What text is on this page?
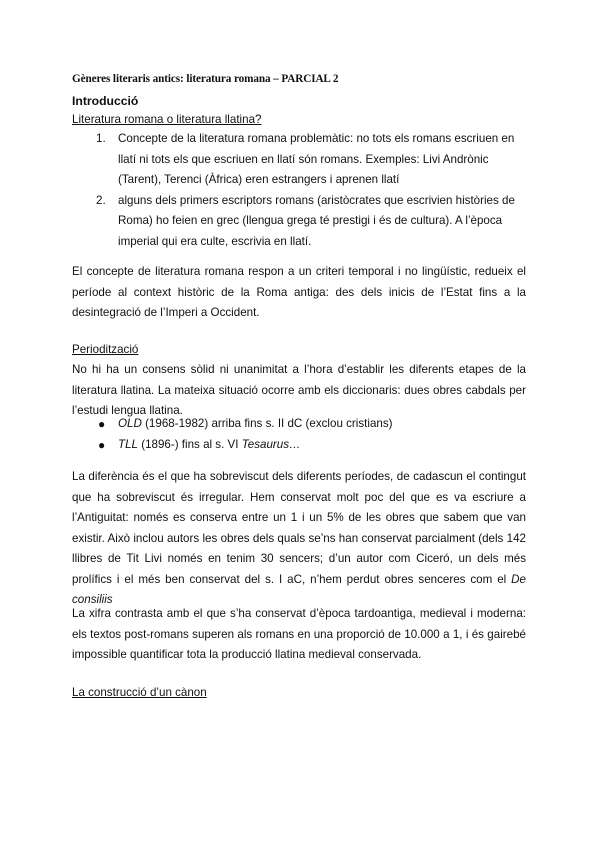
Gèneres literaris antics: literatura romana – PARCIAL 2
Introducció
Literatura romana o literatura llatina?
1. Concepte de la literatura romana problemàtic: no tots els romans escriuen en llatí ni tots els que escriuen en llatí són romans. Exemples: Livi Andrònic (Tarent), Terenci (Àfrica) eren estrangers i aprenen llatí
2. alguns dels primers escriptors romans (aristòcrates que escrivien històries de Roma) ho feien en grec (llengua grega té prestigi i és de cultura). A l’època imperial qui era culte, escrivia en llatí.

El concepte de literatura romana respon a un criteri temporal i no lingüístic, redueix el període al context històric de la Roma antiga: des dels inicis de l’Estat fins a la desintegració de l’Imperi a Occident.

Periodització

No hi ha un consens sòlid ni unanimitat a l’hora d’establir les diferents etapes de la literatura llatina. La mateixa situació ocorre amb els diccionaris: dues obres cabdals per l’estudi lengua llatina.

● OLD (1968-1982) arriba fins s. II dC (exclou cristians)
● TLL (1896-) fins al s. VI Tesaurus…

La diferència és el que ha sobreviscut dels diferents períodes, de cadascun el contingut que ha sobreviscut és irregular. Hem conservat molt poc del que es va escriure a l’Antiguitat: només es conserva entre un 1 i un 5% de les obres que sabem que van existir. Això inclou autors les obres dels quals se’ns han conservat parcialment (dels 142 llibres de Tit Livi només en tenim 30 sencers; d’un autor com Ciceró, un dels més prolífics i el més ben conservat del s. I aC, n’hem perdut obres senceres com el De consiliis

La xifra contrasta amb el que s’ha conservat d’època tardoantiga, medieval i moderna: els textos post-romans superen als romans en una proporció de 10.000 a 1, i és gairebé impossible quantificar tota la producció llatina medieval conservada.

La construcció d’un cànon
